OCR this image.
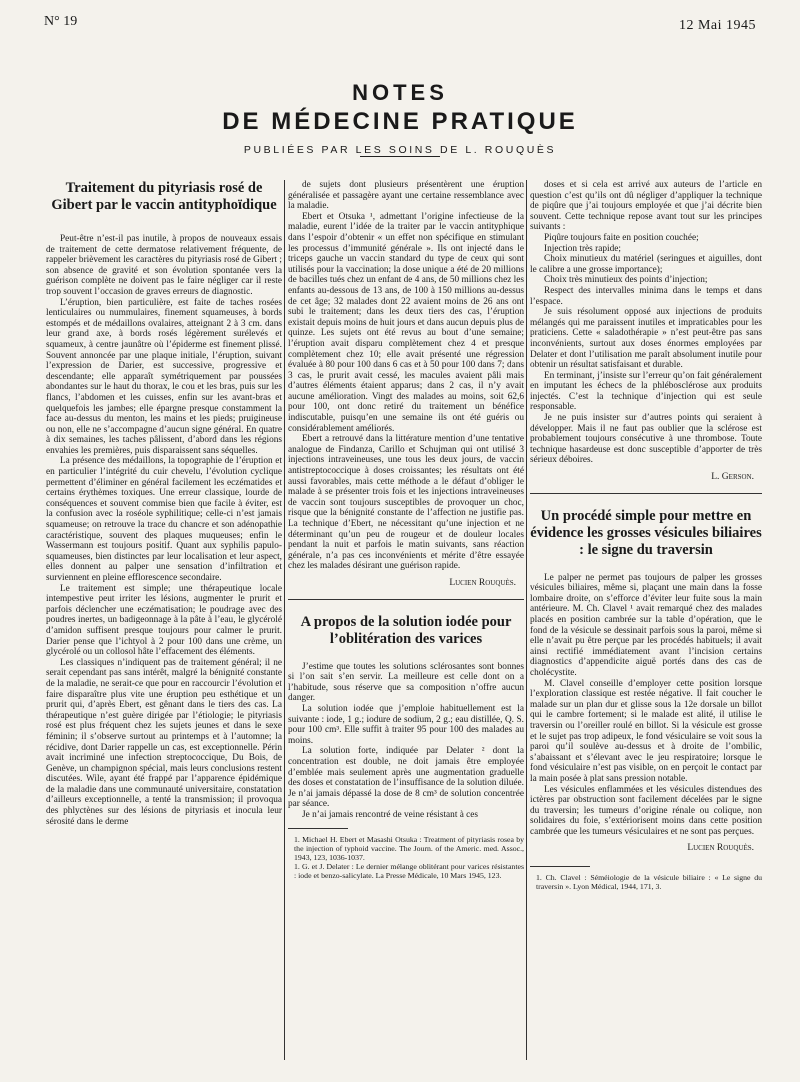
N° 19	12 Mai 1945
NOTES
DE MÉDECINE PRATIQUE
PUBLIÉES PAR LES SOINS DE L. ROUQUÈS
Traitement du pityriasis rosé de Gibert par le vaccin antityphoïdique

Peut-être n’est-il pas inutile, à propos de nouveaux essais de traitement de cette dermatose relativement fréquente, de rappeler brièvement les caractères du pityriasis rosé de Gibert ; son absence de gravité et son évolution spontanée vers la guérison complète ne doivent pas le faire négliger car il reste trop souvent l’occasion de graves erreurs de diagnostic.

L’éruption, bien particulière, est faite de taches rosées lenticulaires ou nummulaires, finement squameuses, à bords estompés et de médaillons ovalaires, atteignant 2 à 3 cm. dans leur grand axe, à bords rosés légèrement surélevés et squameux, à centre jaunâtre où l’épiderme est finement plissé. Souvent annoncée par une plaque initiale, l’éruption, suivant l’expression de Darier, est successive, progressive et descendante; elle apparaît symétriquement par poussées abondantes sur le haut du thorax, le cou et les bras, puis sur les flancs, l’abdomen et les cuisses, enfin sur les avant-bras et quelquefois les jambes; elle épargne presque constamment la face au-dessus du menton, les mains et les pieds; pruigineuse ou non, elle ne s’accompagne d’aucun signe général. En quatre à dix semaines, les taches pâlissent, d’abord dans les régions envahies les premières, puis disparaissent sans séquelles.

La présence des médaillons, la topographie de l’éruption et en particulier l’intégrité du cuir chevelu, l’évolution cyclique permettent d’éliminer en général facilement les eczématides et certains érythèmes toxiques. Une erreur classique, lourde de conséquences et souvent commise bien que facile à éviter, est la confusion avec la roséole syphilitique; celle-ci n’est jamais squameuse; on retrouve la trace du chancre et son adénopathie caractéristique, souvent des plaques muqueuses; enfin le Wassermann est toujours positif. Quant aux syphilis papulo-squameuses, bien distinctes par leur localisation et leur aspect, elles donnent au palper une sensation d’infiltration et surviennent en pleine efflorescence secondaire.

Le traitement est simple; une thérapeutique locale intempestive peut irriter les lésions, augmenter le prurit et parfois déclencher une eczématisation; le poudrage avec des poudres inertes, un badigeonnage à la pâte à l’eau, le glycérolé d’amidon suffisent presque toujours pour calmer le prurit. Darier pense que l’ichtyol à 2 pour 100 dans une crème, un glycérolé ou un collosol hâte l’effacement des éléments.

Les classiques n’indiquent pas de traitement général; il ne serait cependant pas sans intérêt, malgré la bénignité constante de la maladie, ne serait-ce que pour en raccourcir l’évolution et faire disparaître plus vite une éruption peu esthétique et un prurit qui, d’après Ebert, est gênant dans le tiers des cas. La thérapeutique n’est guère dirigée par l’étiologie; le pityriasis rosé est plus fréquent chez les sujets jeunes et dans le sexe féminin; il s’observe surtout au printemps et à l’automne; la récidive, dont Darier rappelle un cas, est exceptionnelle. Périn avait incriminé une infection streptococcique, Du Bois, de Genève, un champignon spécial, mais leurs conclusions restent discutées. Wile, ayant été frappé par l’apparence épidémique de la maladie dans une communauté universitaire, constatation d’ailleurs exceptionnelle, a tenté la transmission; il provoqua des phlyctènes sur des lésions de pityriasis et inocula leur sérosité dans le derme

de sujets dont plusieurs présentèrent une éruption généralisée et passagère ayant une certaine ressemblance avec la maladie.

Ebert et Otsuka ¹, admettant l’origine infectieuse de la maladie, eurent l’idée de la traiter par le vaccin antityphique dans l’espoir d’obtenir « un effet non spécifique en stimulant les processus d’immunité générale ». Ils ont injecté dans le triceps gauche un vaccin standard du type de ceux qui sont utilisés pour la vaccination; la dose unique a été de 20 millions de bacilles tués chez un enfant de 4 ans, de 50 millions chez les enfants au-dessous de 13 ans, de 100 à 150 millions au-dessus de cet âge; 32 malades dont 22 avaient moins de 26 ans ont subi le traitement; dans les deux tiers des cas, l’éruption existait depuis moins de huit jours et dans aucun depuis plus de quinze. Les sujets ont été revus au bout d’une semaine; l’éruption avait disparu complètement chez 4 et presque complètement chez 10; elle avait présenté une régression évaluée à 80 pour 100 dans 6 cas et à 50 pour 100 dans 7; dans 3 cas, le prurit avait cessé, les macules avaient pâli mais d’autres éléments étaient apparus; dans 2 cas, il n’y avait aucune amélioration. Vingt des malades au moins, soit 62,6 pour 100, ont donc retiré du traitement un bénéfice indiscutable, puisqu’en une semaine ils ont été guéris ou considérablement améliorés.

Ebert a retrouvé dans la littérature mention d’une tentative analogue de Findanza, Carillo et Schujman qui ont utilisé 3 injections intraveineuses, une tous les deux jours, de vaccin antistreptococcique à doses croissantes; les résultats ont été aussi favorables, mais cette méthode a le défaut d’obliger le malade à se présenter trois fois et les injections intraveineuses de vaccin sont toujours susceptibles de provoquer un choc, risque que la bénignité constante de l’affection ne justifie pas. La technique d’Ebert, ne nécessitant qu’une injection et ne déterminant qu’un peu de rougeur et de douleur locales pendant la nuit et parfois le matin suivants, sans réaction générale, n’a pas ces inconvénients et mérite d’être essayée chez les malades désirant une guérison rapide.

Lucien Rouquès.
A propos de la solution iodée pour l’oblitération des varices

J’estime que toutes les solutions sclérosantes sont bonnes si l’on sait s’en servir. La meilleure est celle dont on a l’habitude, sous réserve que sa composition n’offre aucun danger.

La solution iodée que j’emploie habituellement est la suivante : iode, 1 g.; iodure de sodium, 2 g.; eau distillée, Q. S. pour 100 cm³. Elle suffit à traiter 95 pour 100 des malades au moins.

La solution forte, indiquée par Delater ² dont la concentration est double, ne doit jamais être employée d’emblée mais seulement après une augmentation graduelle des doses et constatation de l’insuffisance de la solution diluée. Je n’ai jamais dépassé la dose de 8 cm³ de solution concentrée par séance.

Je n’ai jamais rencontré de veine résistant à ces

1. Michael H. Ebert et Masashi Otsuka : Treatment of pityriasis rosea by the injection of typhoid vaccine. The Journ. of the Americ. med. Assoc., 1943, 123, 1036-1037.

1. G. et J. Delater : Le dernier mélange oblitérant pour varices résistantes : iode et benzo-salicylate. La Presse Médicale, 10 Mars 1945, 123.

doses et si cela est arrivé aux auteurs de l’article en question c’est qu’ils ont dû négliger d’appliquer la technique de piqûre que j’ai toujours employée et que j’ai décrite bien souvent. Cette technique repose avant tout sur les principes suivants :

Piqûre toujours faite en position couchée;

Injection très rapide;

Choix minutieux du matériel (seringues et aiguilles, dont le calibre a une grosse importance);

Choix très minutieux des points d’injection;

Respect des intervalles minima dans le temps et dans l’espace.

Je suis résolument opposé aux injections de produits mélangés qui me paraissent inutiles et impraticables pour les praticiens. Cette « saladothérapie » n’est peut-être pas sans inconvénients, surtout aux doses énormes employées par Delater et dont l’utilisation me paraît absolument inutile pour obtenir un résultat satisfaisant et durable.

En terminant, j’insiste sur l’erreur qu’on fait généralement en imputant les échecs de la phlébosclérose aux produits injectés. C’est la technique d’injection qui est seule responsable.

Je ne puis insister sur d’autres points qui seraient à développer. Mais il ne faut pas oublier que la sclérose est probablement toujours consécutive à une thrombose. Toute technique hasardeuse est donc susceptible d’apporter de très sérieux déboires.

L. Gerson.
Un procédé simple pour mettre en évidence les grosses vésicules biliaires : le signe du traversin

Le palper ne permet pas toujours de palper les grosses vésicules biliaires, même si, plaçant une main dans la fosse lombaire droite, on s’efforce d’éviter leur fuite sous la main antérieure. M. Ch. Clavel ¹ avait remarqué chez des malades placés en position cambrée sur la table d’opération, que le fond de la vésicule se dessinait parfois sous la paroi, même si elle n’avait pu être perçue par les procédés habituels; il avait ainsi rectifié immédiatement avant l’incision certains diagnostics d’appendicite aiguë portés dans des cas de cholécystite.

M. Clavel conseille d’employer cette position lorsque l’exploration classique est restée négative. Il fait coucher le malade sur un plan dur et glisse sous la 12e dorsale un billot qui le cambre fortement; si le malade est alité, il utilise le traversin ou l’oreiller roulé en billot. Si la vésicule est grosse et le sujet pas trop adipeux, le fond vésiculaire se voit sous la paroi qu’il soulève au-dessus et à droite de l’ombilic, s’abaissant et s’élevant avec le jeu respiratoire; lorsque le fond vésiculaire n’est pas visible, on en perçoit le contact par la main posée à plat sans pression notable.

Les vésicules enflammées et les vésicules distendues des ictères par obstruction sont facilement décelées par le signe du traversin; les tumeurs d’origine rénale ou colique, non solidaires du foie, s’extériorisent moins dans cette position cambrée que les tumeurs vésiculaires et ne sont pas perçues.

Lucien Rouquès.

1. Ch. Clavel : Séméiologie de la vésicule biliaire : « Le signe du traversin ». Lyon Médical, 1944, 171, 3.
